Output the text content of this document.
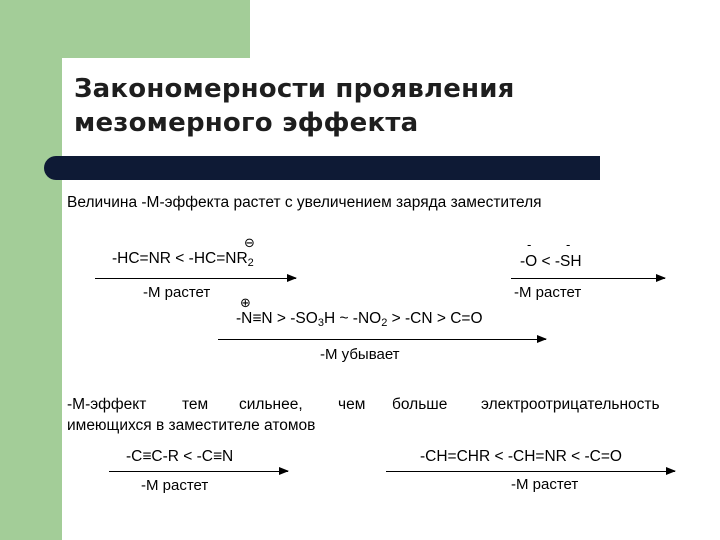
Закономерности проявления
мезомерного эффекта
Величина -М-эффекта растет с увеличением заряда заместителя
$-HC=NR < -HC=NR_2$
⊖
-М растет
-	-
-O < -SH
-М растет
⊕
$-N\equiv N > -SO_3H$ ~ $-NO_2 > -CN > C=O$
-М убывает
-М-эффект тем сильнее, чем больше электроотрицательность
имеющихся в заместителе атомов
-C≡C-R < -C≡N
-М растет
-CH=CHR < -CH=NR < -C=O
-М растет
